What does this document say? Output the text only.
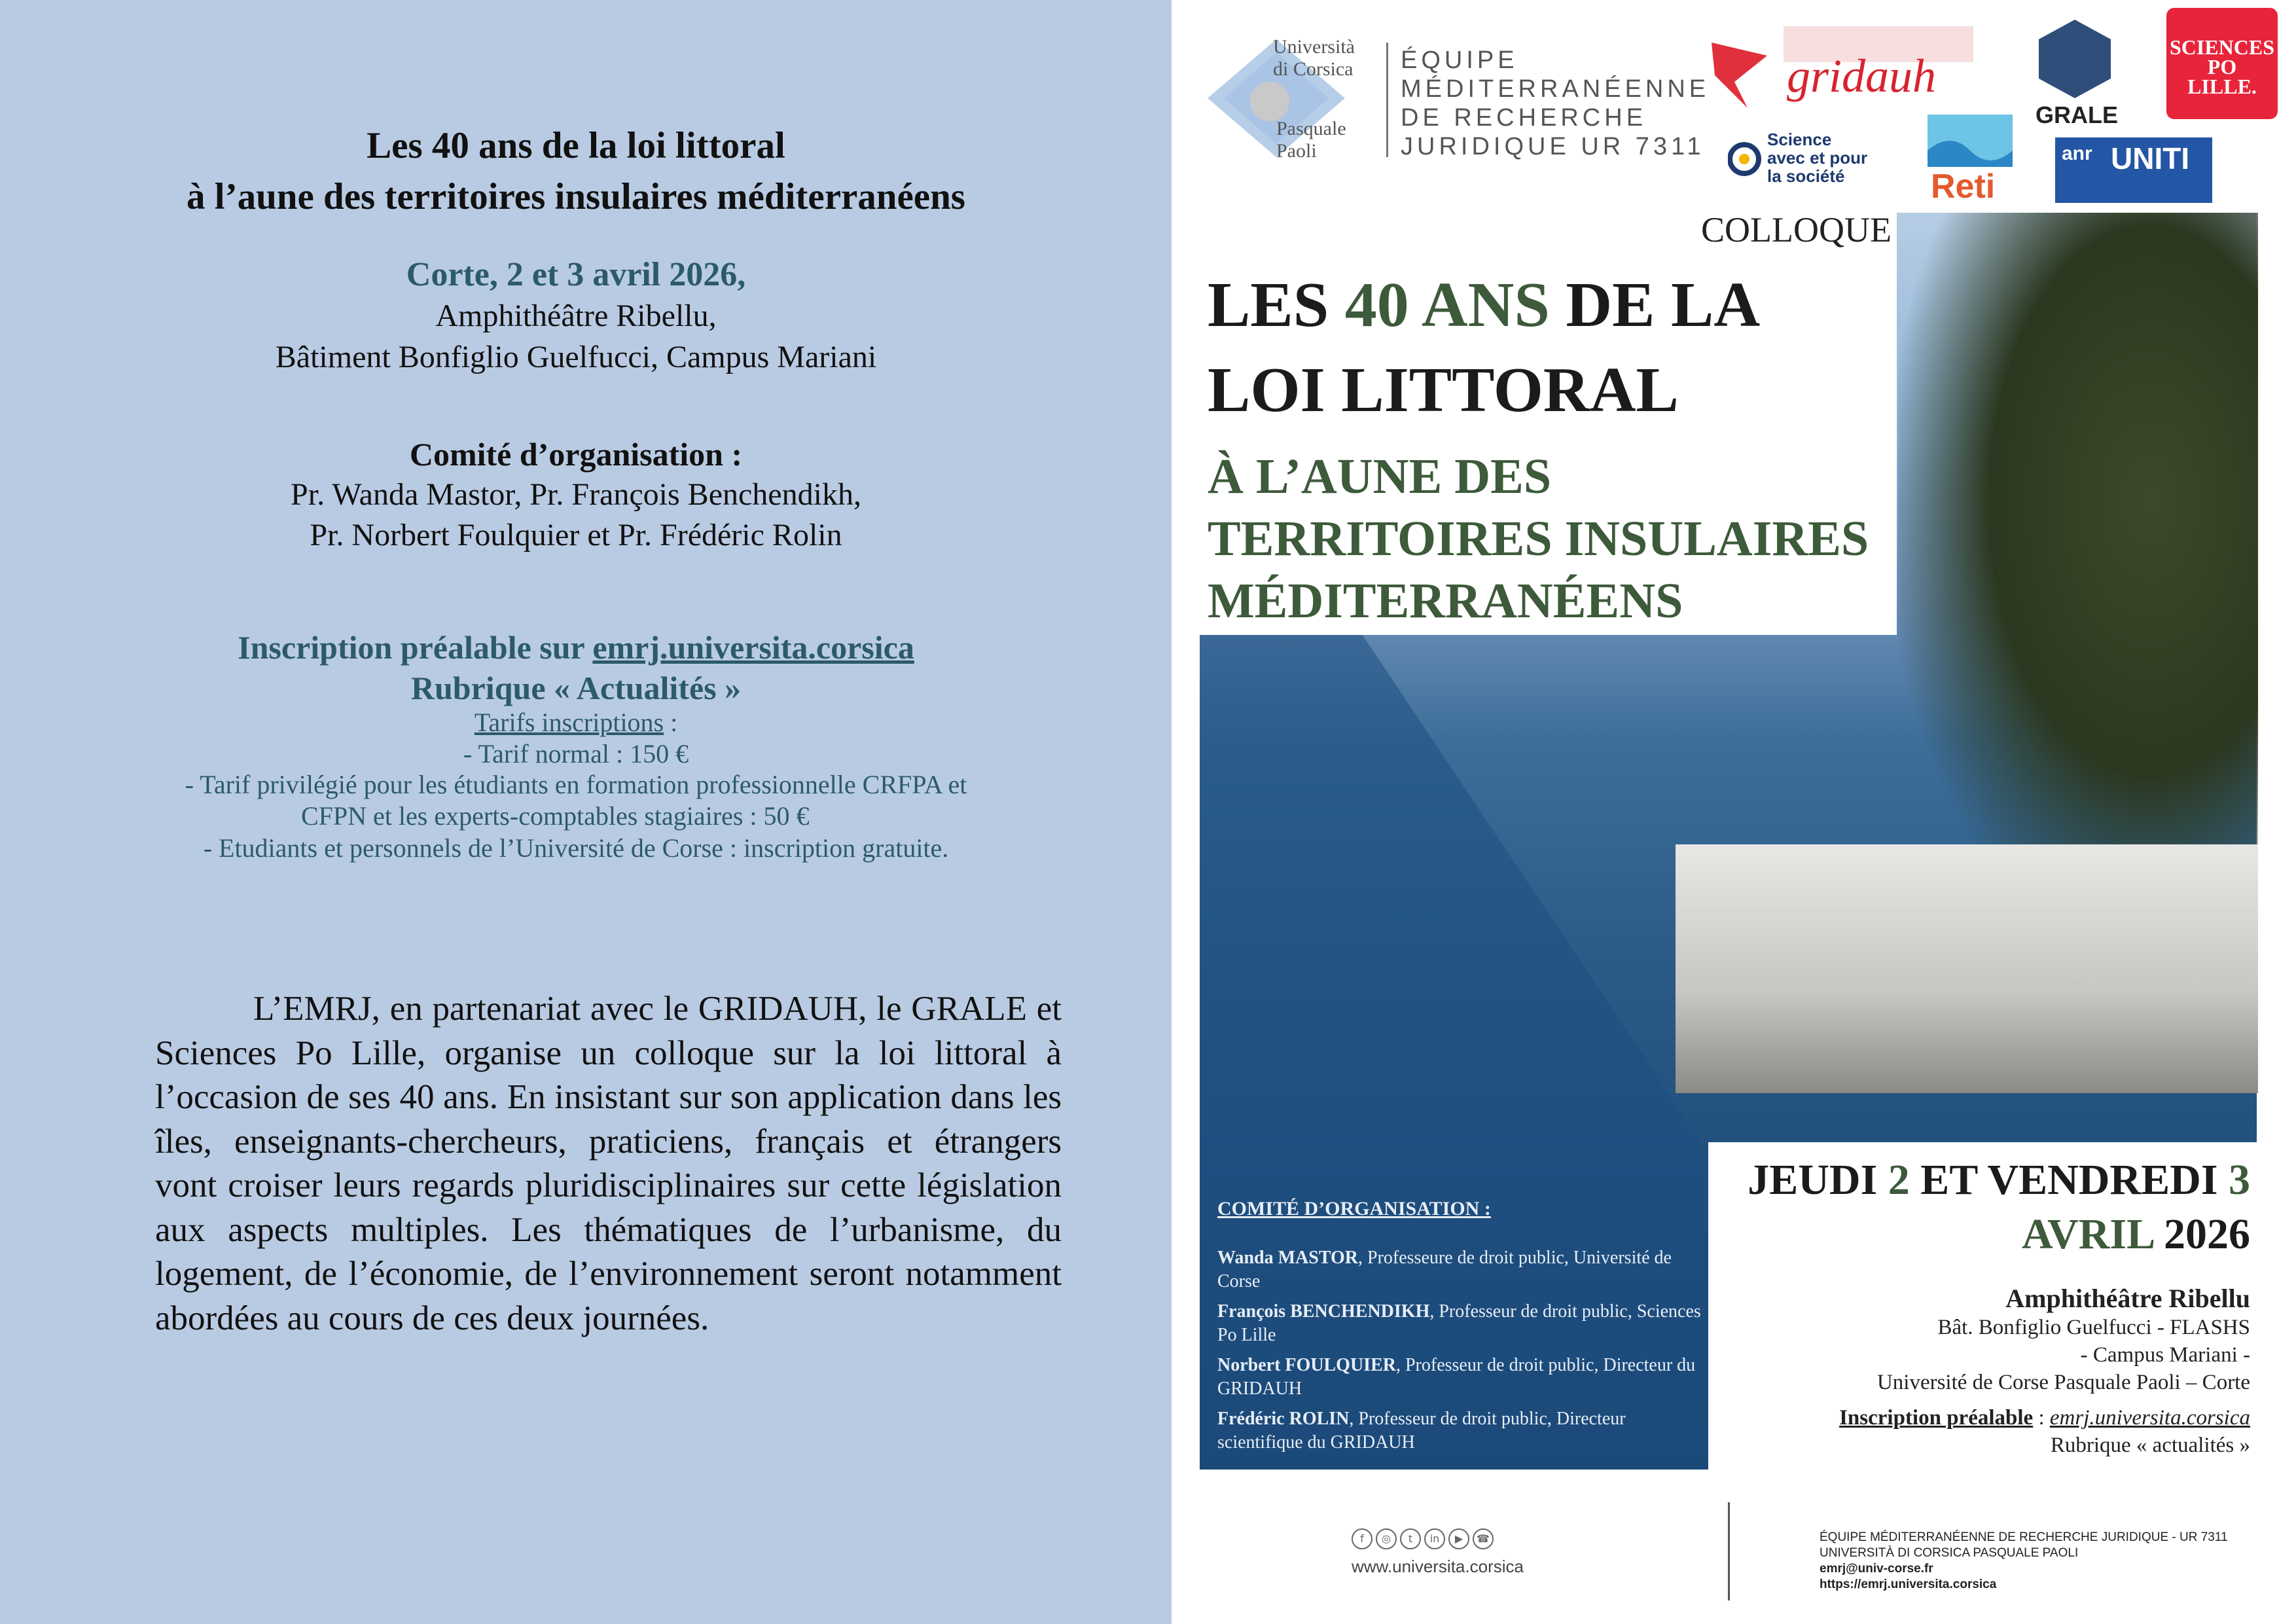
Les 40 ans de la loi littoral
à l’aune des territoires insulaires méditerranéens
Corte, 2 et 3 avril 2026,
Amphithéâtre Ribellu,
Bâtiment Bonfiglio Guelfucci, Campus Mariani
Comité d’organisation :
Pr. Wanda Mastor, Pr. François Benchendikh,
Pr. Norbert Foulquier et Pr. Frédéric Rolin
Inscription préalable sur emrj.universita.corsica
Rubrique « Actualités »
Tarifs inscriptions :
- Tarif normal : 150 €
- Tarif privilégié pour les étudiants en formation professionnelle CRFPA et
CFPN et les experts-comptables stagiaires : 50 €
- Etudiants et personnels de l’Université de Corse : inscription gratuite.
L’EMRJ, en partenariat avec le GRIDAUH, le GRALE et Sciences Po Lille, organise un colloque sur la loi littoral à l’occasion de ses 40 ans. En insistant sur son application dans les îles, enseignants-chercheurs, praticiens, français et étrangers vont croiser leurs regards pluridisciplinaires sur cette législation aux aspects multiples. Les thématiques de l’urbanisme, du logement, de l’économie, de l’environnement seront notamment abordées au cours de ces deux journées.
Università
di Corsica
Pasquale
Paoli
ÉQUIPE
MÉDITERRANÉENNE
DE RECHERCHE
JURIDIQUE UR 7311
gridauh
GRALE
SCIENCES
PO
LILLE.
Science
avec et pour
la société	Reti
anr UNITI
COLLOQUE
LES 40 ANS DE LA
LOI LITTORAL
À L’AUNE DES
TERRITOIRES INSULAIRES
MÉDITERRANÉENS
COMITÉ D’ORGANISATION :
Wanda MASTOR, Professeure de droit public, Université de Corse
François BENCHENDIKH, Professeur de droit public, Sciences Po Lille
Norbert FOULQUIER, Professeur de droit public, Directeur du GRIDAUH
Frédéric ROLIN, Professeur de droit public, Directeur scientifique du GRIDAUH
JEUDI 2 ET VENDREDI 3
AVRIL 2026
Amphithéâtre Ribellu
Bât. Bonfiglio Guelfucci - FLASHS
- Campus Mariani -
Université de Corse Pasquale Paoli – Corte
Inscription préalable : emrj.universita.corsica
Rubrique « actualités »
f ◎ t in ▶ ☎
www.universita.corsica
ÉQUIPE MÉDITERRANÉENNE DE RECHERCHE JURIDIQUE - UR 7311
UNIVERSITÀ DI CORSICA PASQUALE PAOLI
emrj@univ-corse.fr
https://emrj.universita.corsica
